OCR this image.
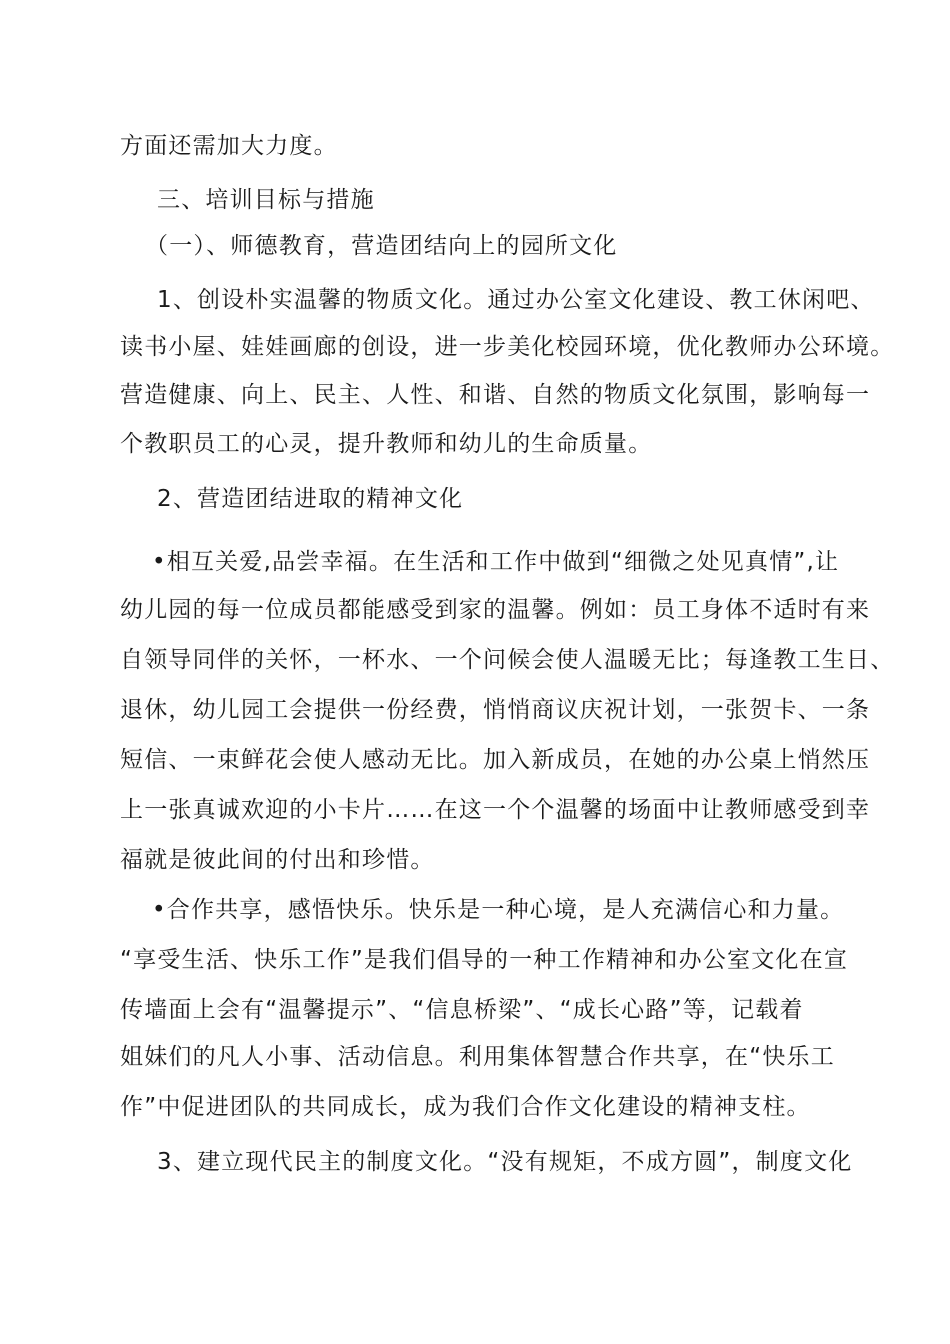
方面还需加大力度。
三、培训目标与措施
（一）、师德教育，营造团结向上的园所文化
1、创设朴实温馨的物质文化。通过办公室文化建设、教工休闲吧、
读书小屋、娃娃画廊的创设，进一步美化校园环境，优化教师办公环境。
营造健康、向上、民主、人性、和谐、自然的物质文化氛围，影响每一
个教职员工的心灵，提升教师和幼儿的生命质量。
2、营造团结进取的精神文化
•相互关爱,品尝幸福。在生活和工作中做到“细微之处见真情”,让
幼儿园的每一位成员都能感受到家的温馨。例如：员工身体不适时有来
自领导同伴的关怀，一杯水、一个问候会使人温暖无比；每逢教工生日、
退休，幼儿园工会提供一份经费，悄悄商议庆祝计划，一张贺卡、一条
短信、一束鲜花会使人感动无比。加入新成员，在她的办公桌上悄然压
上一张真诚欢迎的小卡片……在这一个个温馨的场面中让教师感受到幸
福就是彼此间的付出和珍惜。
•合作共享，感悟快乐。快乐是一种心境，是人充满信心和力量。
“享受生活、快乐工作”是我们倡导的一种工作精神和办公室文化在宣
传墙面上会有“温馨提示”、“信息桥梁”、“成长心路”等，记载着
姐妹们的凡人小事、活动信息。利用集体智慧合作共享，在“快乐工
作”中促进团队的共同成长，成为我们合作文化建设的精神支柱。
3、建立现代民主的制度文化。“没有规矩，不成方圆”，制度文化
